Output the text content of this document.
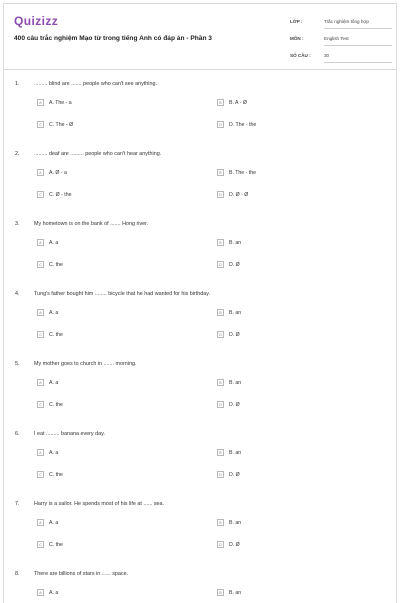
Quizizz
400 câu trắc nghiệm Mạo từ trong tiếng Anh có đáp án - Phần 3
LỚP :	Trắc nghiệm tổng hợp
MÔN :	English Test
SỐ CÂU :	30
1.	......... blind are ....... people who can't see anything.
A	A. The - a	B	B. A - Ø
C	C. The - Ø	D	D. The - the
2.	......... deaf are ......... people who can't hear anything.
A	A. Ø - a	B	B. The - the
C	C. Ø - the	D	D. Ø - Ø
3.	My hometown is on the bank of ....... Hong river.
A	A. a	B	B. an
C	C. the	D	D. Ø
4.	Tung's father bought him ........ bicycle that he had wanted for his birthday.
A	A. a	B	B. an
C	C. the	D	D. Ø
5.	My mother goes to church in ....... morning.
A	A. a	B	B. an
C	C. the	D	D. Ø
6.	I eat ......... banana every day.
A	A. a	B	B. an
C	C. the	D	D. Ø
7.	Harry is a sailor. He spends most of his life at ...... sea.
A	A. a	B	B. an
C	C. the	D	D. Ø
8.	There are billions of stars in ...... space.
A	A. a	B	B. an
